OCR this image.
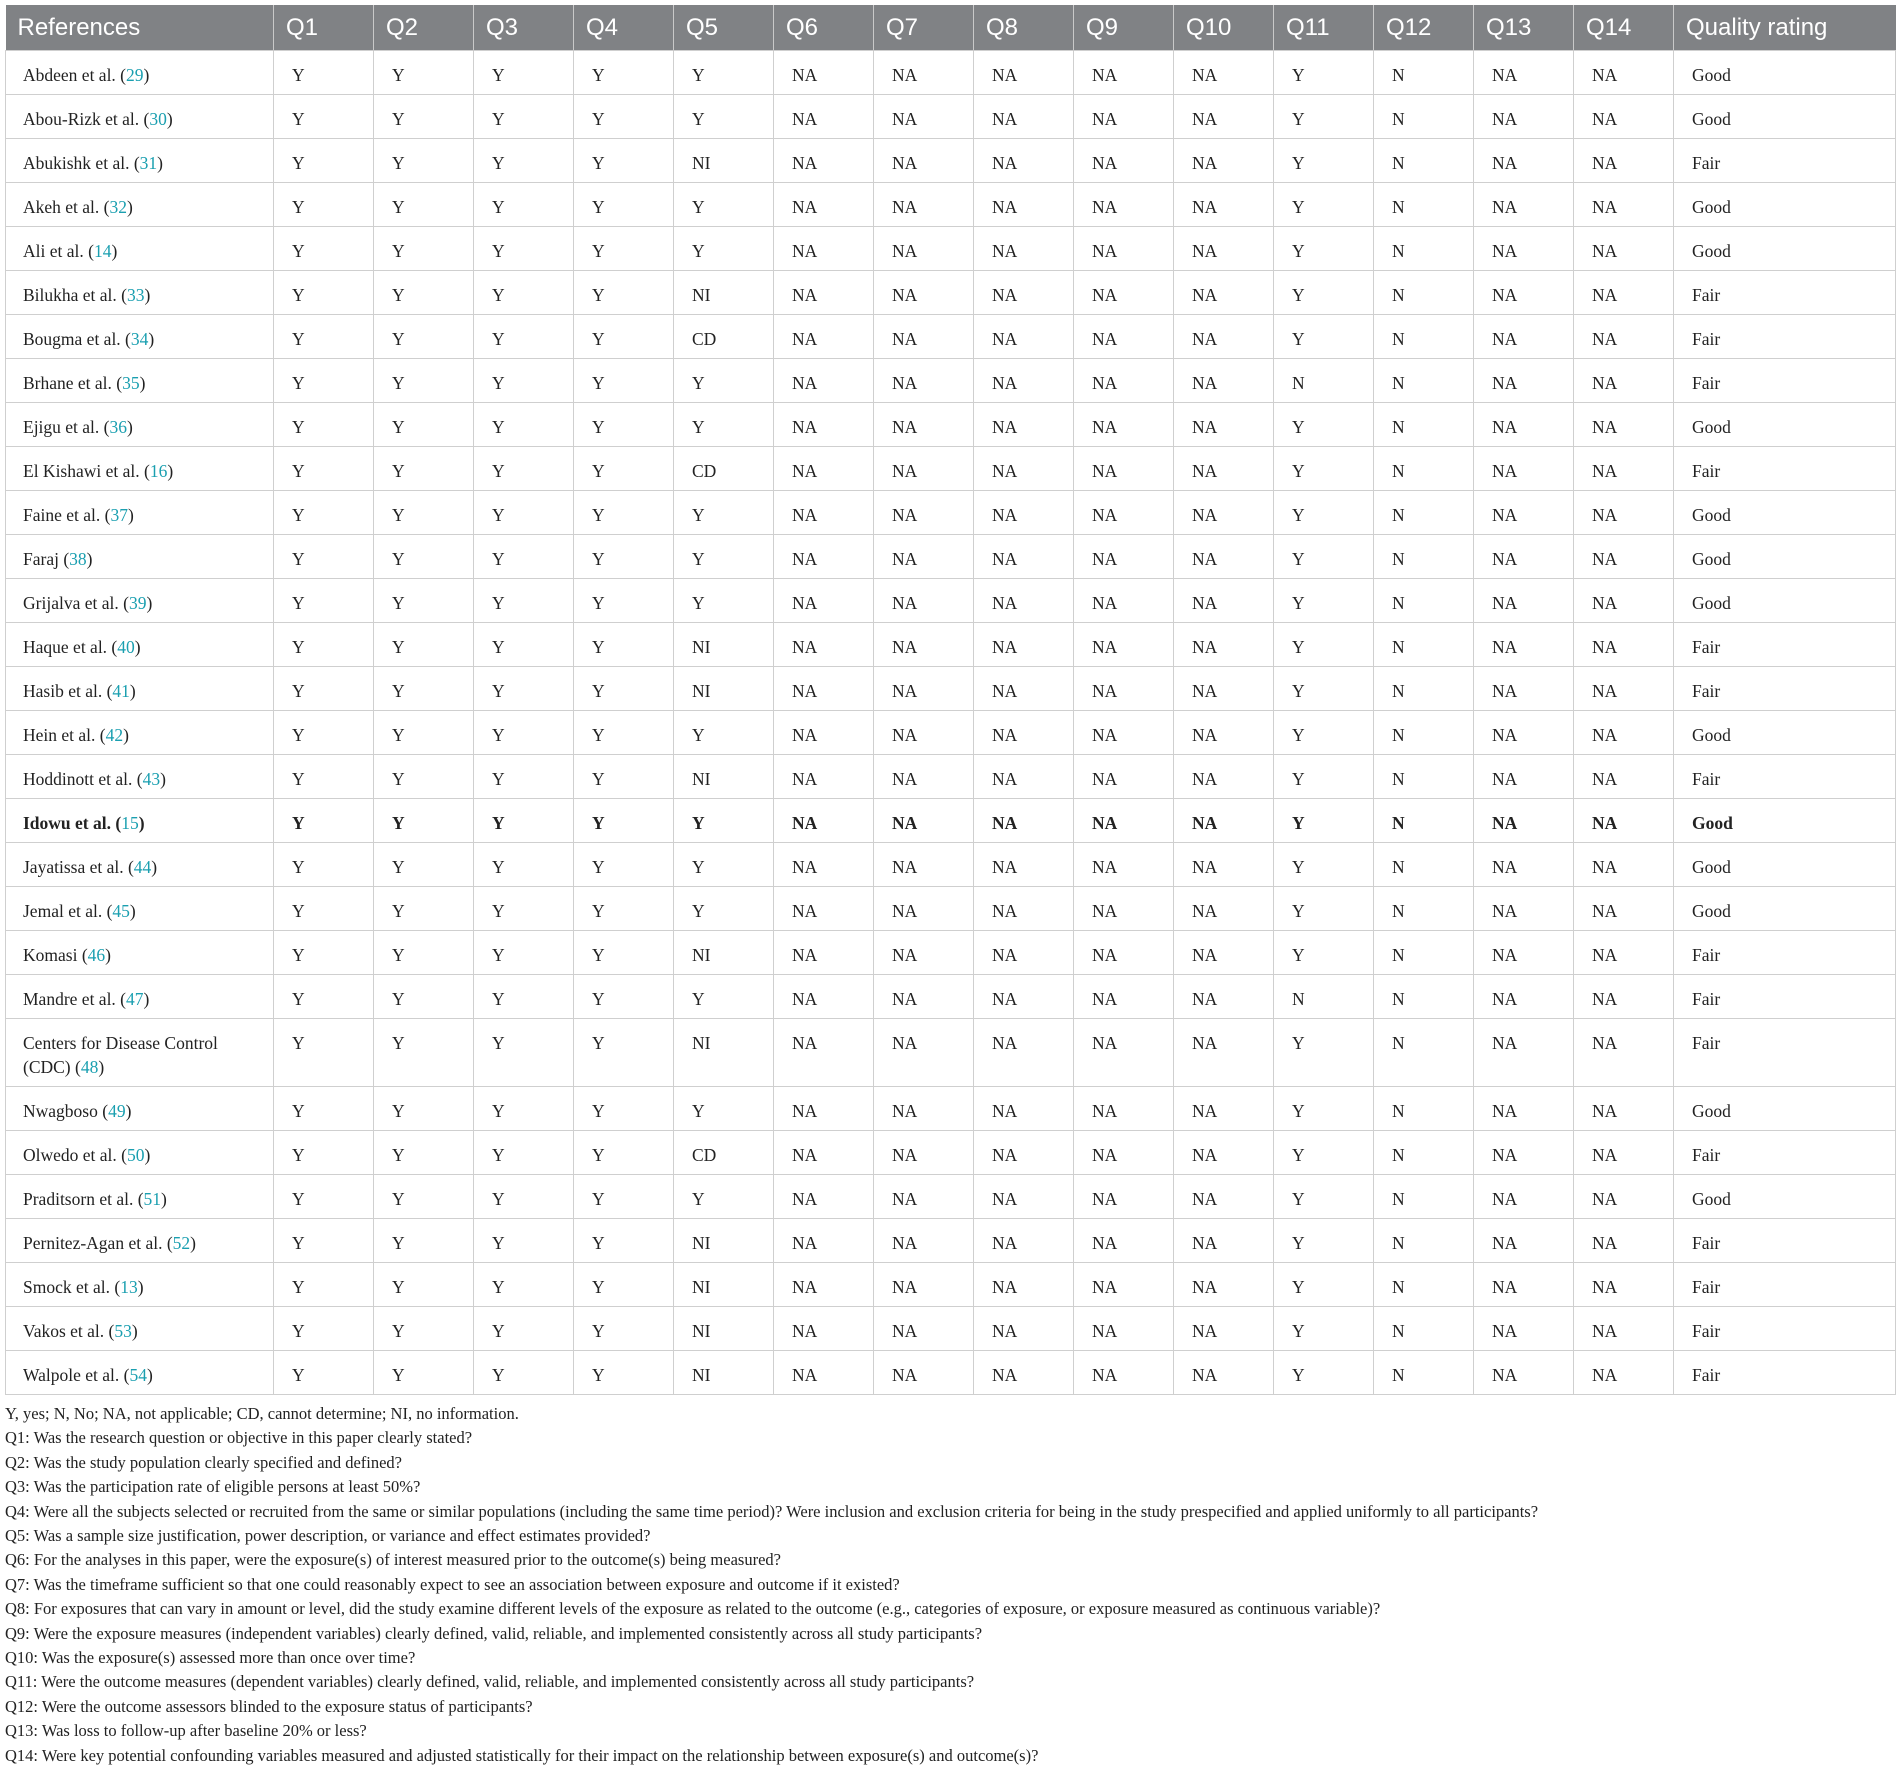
References	Q1	Q2	Q3	Q4	Q5	Q6	Q7	Q8	Q9	Q10	Q11	Q12	Q13	Q14	Quality rating
Abdeen et al. (29)	Y	Y	Y	Y	Y	NA	NA	NA	NA	NA	Y	N	NA	NA	Good
Abou-Rizk et al. (30)	Y	Y	Y	Y	Y	NA	NA	NA	NA	NA	Y	N	NA	NA	Good
Abukishk et al. (31)	Y	Y	Y	Y	NI	NA	NA	NA	NA	NA	Y	N	NA	NA	Fair
Akeh et al. (32)	Y	Y	Y	Y	Y	NA	NA	NA	NA	NA	Y	N	NA	NA	Good
Ali et al. (14)	Y	Y	Y	Y	Y	NA	NA	NA	NA	NA	Y	N	NA	NA	Good
Bilukha et al. (33)	Y	Y	Y	Y	NI	NA	NA	NA	NA	NA	Y	N	NA	NA	Fair
Bougma et al. (34)	Y	Y	Y	Y	CD	NA	NA	NA	NA	NA	Y	N	NA	NA	Fair
Brhane et al. (35)	Y	Y	Y	Y	Y	NA	NA	NA	NA	NA	N	N	NA	NA	Fair
Ejigu et al. (36)	Y	Y	Y	Y	Y	NA	NA	NA	NA	NA	Y	N	NA	NA	Good
El Kishawi et al. (16)	Y	Y	Y	Y	CD	NA	NA	NA	NA	NA	Y	N	NA	NA	Fair
Faine et al. (37)	Y	Y	Y	Y	Y	NA	NA	NA	NA	NA	Y	N	NA	NA	Good
Faraj (38)	Y	Y	Y	Y	Y	NA	NA	NA	NA	NA	Y	N	NA	NA	Good
Grijalva et al. (39)	Y	Y	Y	Y	Y	NA	NA	NA	NA	NA	Y	N	NA	NA	Good
Haque et al. (40)	Y	Y	Y	Y	NI	NA	NA	NA	NA	NA	Y	N	NA	NA	Fair
Hasib et al. (41)	Y	Y	Y	Y	NI	NA	NA	NA	NA	NA	Y	N	NA	NA	Fair
Hein et al. (42)	Y	Y	Y	Y	Y	NA	NA	NA	NA	NA	Y	N	NA	NA	Good
Hoddinott et al. (43)	Y	Y	Y	Y	NI	NA	NA	NA	NA	NA	Y	N	NA	NA	Fair
Idowu et al. (15)	Y	Y	Y	Y	Y	NA	NA	NA	NA	NA	Y	N	NA	NA	Good
Jayatissa et al. (44)	Y	Y	Y	Y	Y	NA	NA	NA	NA	NA	Y	N	NA	NA	Good
Jemal et al. (45)	Y	Y	Y	Y	Y	NA	NA	NA	NA	NA	Y	N	NA	NA	Good
Komasi (46)	Y	Y	Y	Y	NI	NA	NA	NA	NA	NA	Y	N	NA	NA	Fair
Mandre et al. (47)	Y	Y	Y	Y	Y	NA	NA	NA	NA	NA	N	N	NA	NA	Fair
Centers for Disease Control (CDC) (48)	Y	Y	Y	Y	NI	NA	NA	NA	NA	NA	Y	N	NA	NA	Fair
Nwagboso (49)	Y	Y	Y	Y	Y	NA	NA	NA	NA	NA	Y	N	NA	NA	Good
Olwedo et al. (50)	Y	Y	Y	Y	CD	NA	NA	NA	NA	NA	Y	N	NA	NA	Fair
Praditsorn et al. (51)	Y	Y	Y	Y	Y	NA	NA	NA	NA	NA	Y	N	NA	NA	Good
Pernitez-Agan et al. (52)	Y	Y	Y	Y	NI	NA	NA	NA	NA	NA	Y	N	NA	NA	Fair
Smock et al. (13)	Y	Y	Y	Y	NI	NA	NA	NA	NA	NA	Y	N	NA	NA	Fair
Vakos et al. (53)	Y	Y	Y	Y	NI	NA	NA	NA	NA	NA	Y	N	NA	NA	Fair
Walpole et al. (54)	Y	Y	Y	Y	NI	NA	NA	NA	NA	NA	Y	N	NA	NA	Fair
Y, yes; N, No; NA, not applicable; CD, cannot determine; NI, no information.
Q1: Was the research question or objective in this paper clearly stated?
Q2: Was the study population clearly specified and defined?
Q3: Was the participation rate of eligible persons at least 50%?
Q4: Were all the subjects selected or recruited from the same or similar populations (including the same time period)? Were inclusion and exclusion criteria for being in the study prespecified and applied uniformly to all participants?
Q5: Was a sample size justification, power description, or variance and effect estimates provided?
Q6: For the analyses in this paper, were the exposure(s) of interest measured prior to the outcome(s) being measured?
Q7: Was the timeframe sufficient so that one could reasonably expect to see an association between exposure and outcome if it existed?
Q8: For exposures that can vary in amount or level, did the study examine different levels of the exposure as related to the outcome (e.g., categories of exposure, or exposure measured as continuous variable)?
Q9: Were the exposure measures (independent variables) clearly defined, valid, reliable, and implemented consistently across all study participants?
Q10: Was the exposure(s) assessed more than once over time?
Q11: Were the outcome measures (dependent variables) clearly defined, valid, reliable, and implemented consistently across all study participants?
Q12: Were the outcome assessors blinded to the exposure status of participants?
Q13: Was loss to follow-up after baseline 20% or less?
Q14: Were key potential confounding variables measured and adjusted statistically for their impact on the relationship between exposure(s) and outcome(s)?
